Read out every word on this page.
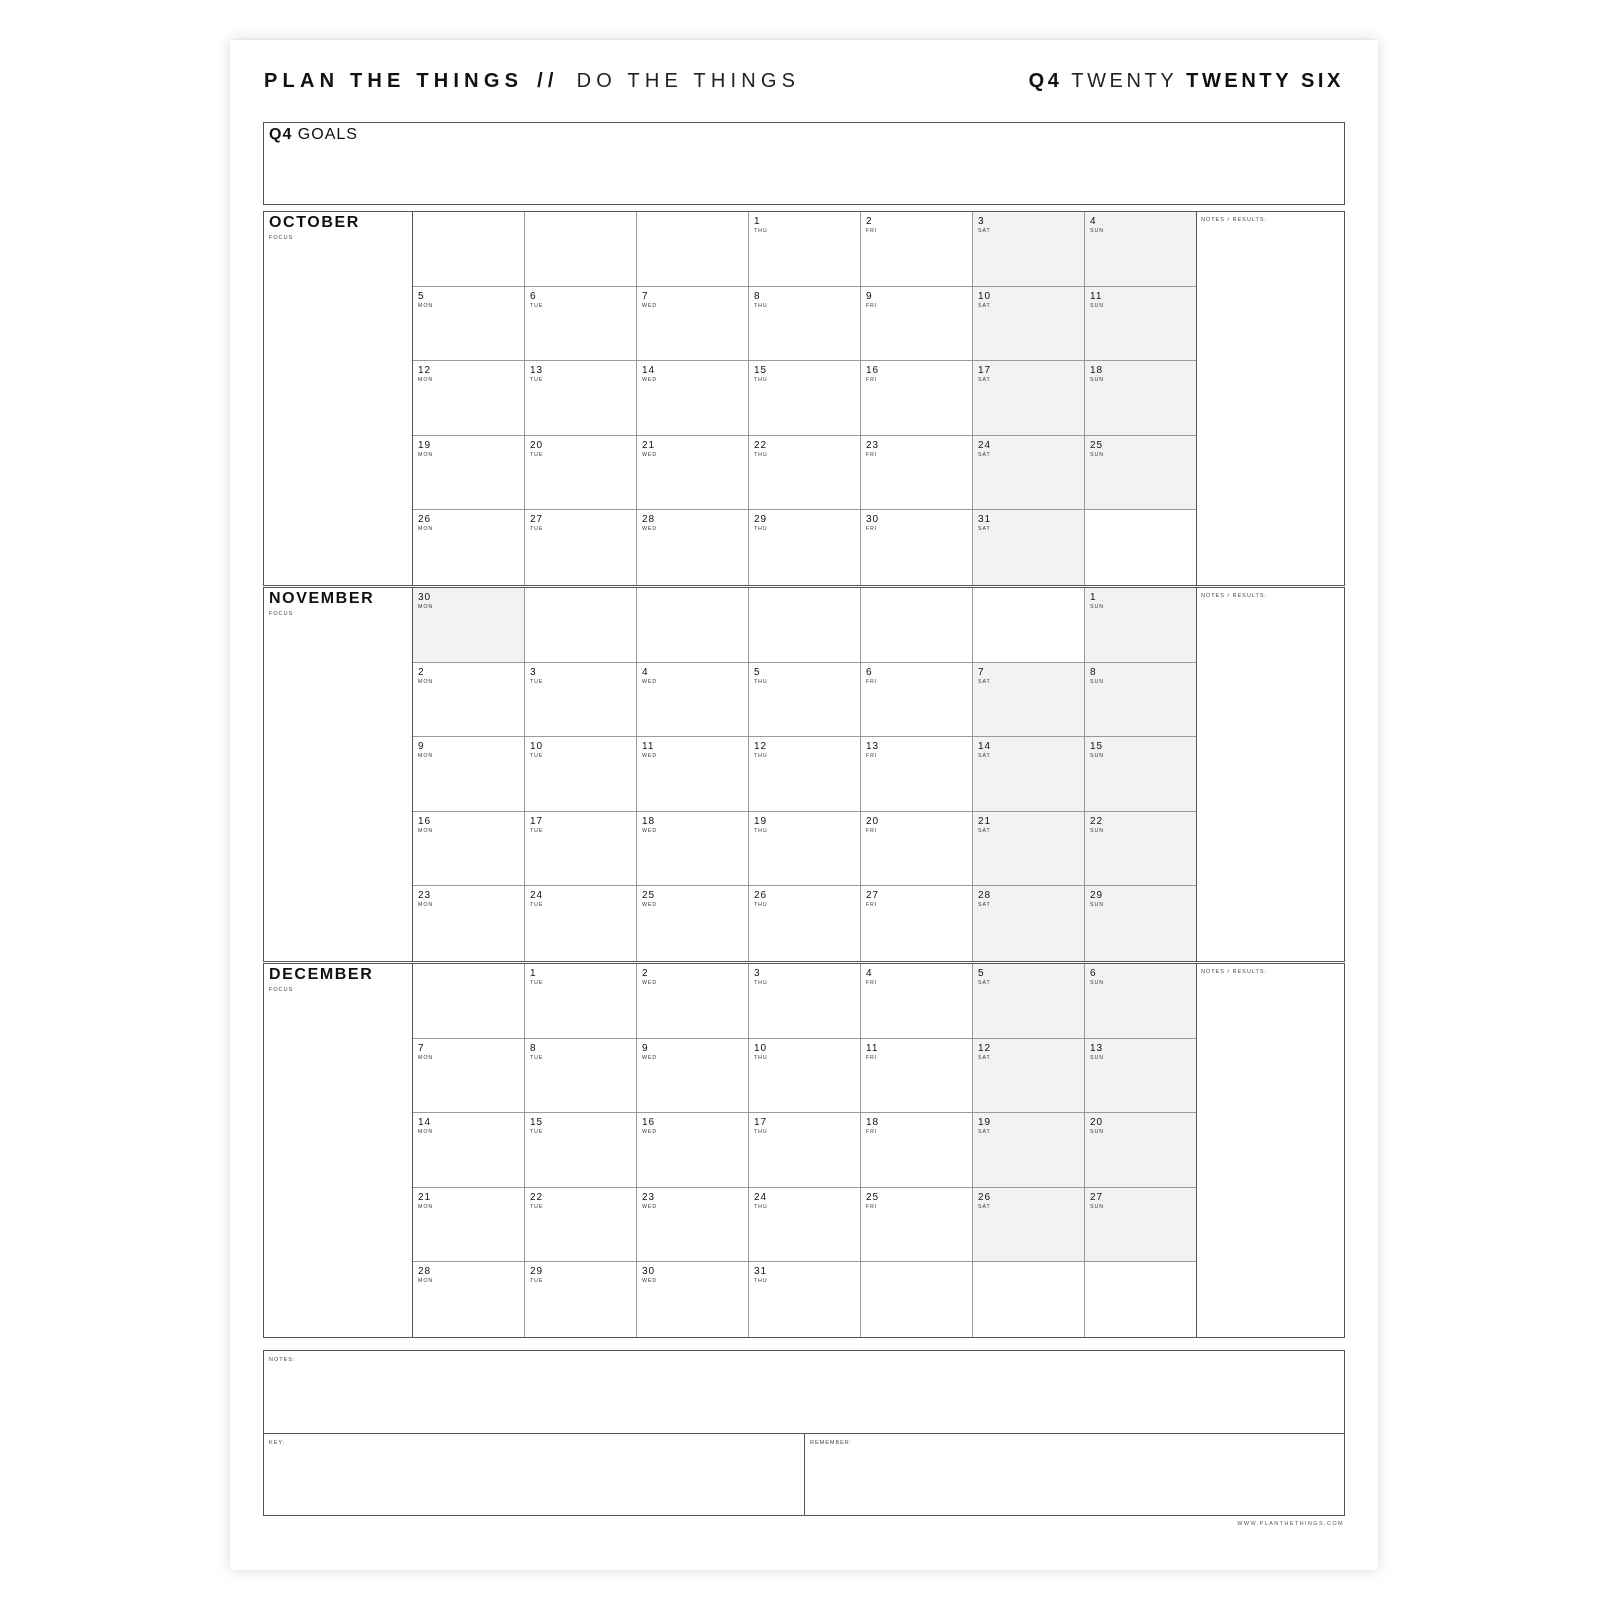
PLAN THE THINGS // DO THE THINGS	Q4 TWENTY TWENTY SIX
Q4 GOALS
OCTOBER
FOCUS:
1
THU
2
FRI
3
SAT
4
SUN
5
MON
6
TUE
7
WED
8
THU
9
FRI
10
SAT
11
SUN
12
MON
13
TUE
14
WED
15
THU
16
FRI
17
SAT
18
SUN
19
MON
20
TUE
21
WED
22
THU
23
FRI
24
SAT
25
SUN
26
MON
27
TUE
28
WED
29
THU
30
FRI
31
SAT
NOTES / RESULTS:
NOVEMBER
FOCUS:
30
MON
1
SUN
2
MON
3
TUE
4
WED
5
THU
6
FRI
7
SAT
8
SUN
9
MON
10
TUE
11
WED
12
THU
13
FRI
14
SAT
15
SUN
16
MON
17
TUE
18
WED
19
THU
20
FRI
21
SAT
22
SUN
23
MON
24
TUE
25
WED
26
THU
27
FRI
28
SAT
29
SUN
NOTES / RESULTS:
DECEMBER
FOCUS:
1
TUE
2
WED
3
THU
4
FRI
5
SAT
6
SUN
7
MON
8
TUE
9
WED
10
THU
11
FRI
12
SAT
13
SUN
14
MON
15
TUE
16
WED
17
THU
18
FRI
19
SAT
20
SUN
21
MON
22
TUE
23
WED
24
THU
25
FRI
26
SAT
27
SUN
28
MON
29
TUE
30
WED
31
THU
NOTES / RESULTS:
NOTES:
KEY:	REMEMBER:
WWW.PLANTHETHINGS.COM
